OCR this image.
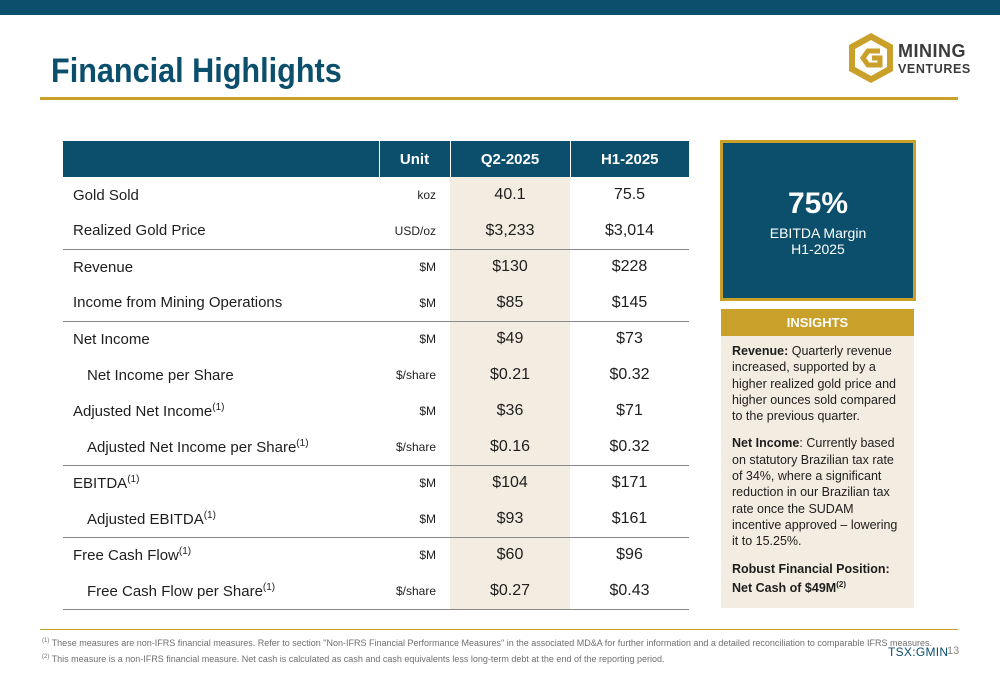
Financial Highlights
MINING
VENTURES
	Unit	Q2-2025	H1-2025
Gold Sold	koz	40.1	75.5
Realized Gold Price	USD/oz	$3,233	$3,014
Revenue	$M	$130	$228
Income from Mining Operations	$M	$85	$145
Net Income	$M	$49	$73
Net Income per Share	$/share	$0.21	$0.32
Adjusted Net Income$^{(1)}$	$M	$36	$71
Adjusted Net Income per Share$^{(1)}$	$/share	$0.16	$0.32
EBITDA$^{(1)}$	$M	$104	$171
Adjusted EBITDA$^{(1)}$	$M	$93	$161
Free Cash Flow$^{(1)}$	$M	$60	$96
Free Cash Flow per Share$^{(1)}$	$/share	$0.27	$0.43
75%
EBITDA Margin
H1-2025
INSIGHTS

Revenue: Quarterly revenue increased, supported by a higher realized gold price and higher ounces sold compared to the previous quarter.

Net Income: Currently based on statutory Brazilian tax rate of 34%, where a significant reduction in our Brazilian tax rate once the SUDAM incentive approved – lowering it to 15.25%.

Robust Financial Position: Net Cash of $\$49M^{(2)}$

$^{(1)}$ These measures are non-IFRS financial measures. Refer to section "Non-IFRS Financial Performance Measures" in the associated MD&A for further information and a detailed reconciliation to comparable IFRS measures.
$^{(2)}$ This measure is a non-IFRS financial measure. Net cash is calculated as cash and cash equivalents less long-term debt at the end of the reporting period.	TSX:GMIN
13
